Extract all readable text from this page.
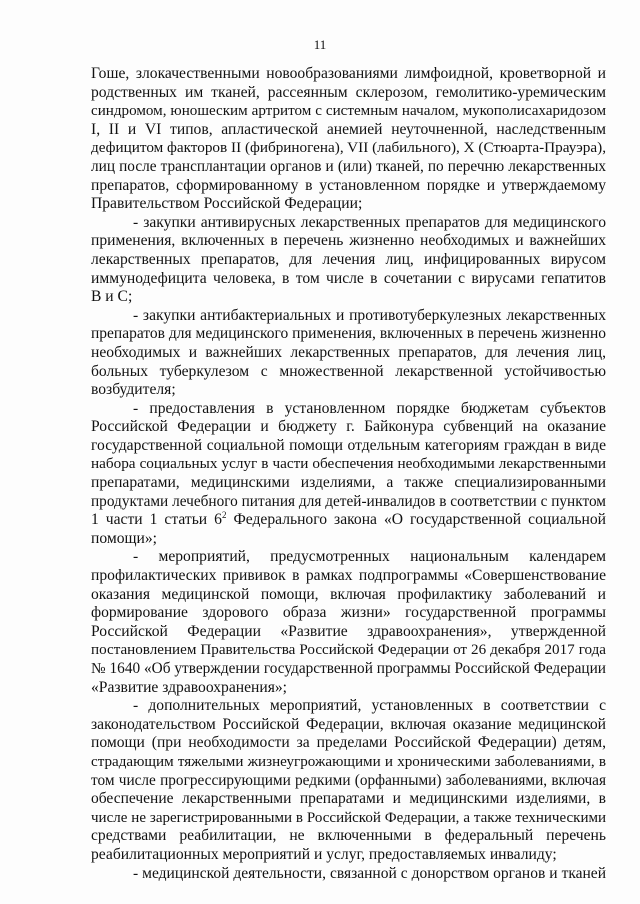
11
Гоше, злокачественными новообразованиями лимфоидной, кроветворной и
родственных им тканей, рассеянным склерозом, гемолитико-уремическим
синдромом, юношеским артритом с системным началом, мукополисахаридозом
I, II и VI типов, апластической анемией неуточненной, наследственным
дефицитом факторов II (фибриногена), VII (лабильного), X (Стюарта-Прауэра),
лиц после трансплантации органов и (или) тканей, по перечню лекарственных
препаратов, сформированному в установленном порядке и утверждаемому
Правительством Российской Федерации;
- закупки антивирусных лекарственных препаратов для медицинского
применения, включенных в перечень жизненно необходимых и важнейших
лекарственных препаратов, для лечения лиц, инфицированных вирусом
иммунодефицита человека, в том числе в сочетании с вирусами гепатитов
В и С;
- закупки антибактериальных и противотуберкулезных лекарственных
препаратов для медицинского применения, включенных в перечень жизненно
необходимых и важнейших лекарственных препаратов, для лечения лиц,
больных туберкулезом с множественной лекарственной устойчивостью
возбудителя;
- предоставления в установленном порядке бюджетам субъектов
Российской Федерации и бюджету г. Байконура субвенций на оказание
государственной социальной помощи отдельным категориям граждан в виде
набора социальных услуг в части обеспечения необходимыми лекарственными
препаратами, медицинскими изделиями, а также специализированными
продуктами лечебного питания для детей-инвалидов в соответствии с пунктом
1 части 1 статьи $6^2$ Федерального закона «О государственной социальной
помощи»;
- мероприятий, предусмотренных национальным календарем
профилактических прививок в рамках подпрограммы «Совершенствование
оказания медицинской помощи, включая профилактику заболеваний и
формирование здорового образа жизни» государственной программы
Российской Федерации «Развитие здравоохранения», утвержденной
постановлением Правительства Российской Федерации от 26 декабря 2017 года
№ 1640 «Об утверждении государственной программы Российской Федерации
«Развитие здравоохранения»;
- дополнительных мероприятий, установленных в соответствии с
законодательством Российской Федерации, включая оказание медицинской
помощи (при необходимости за пределами Российской Федерации) детям,
страдающим тяжелыми жизнеугрожающими и хроническими заболеваниями, в
том числе прогрессирующими редкими (орфанными) заболеваниями, включая
обеспечение лекарственными препаратами и медицинскими изделиями, в
числе не зарегистрированными в Российской Федерации, а также техническими
средствами реабилитации, не включенными в федеральный перечень
реабилитационных мероприятий и услуг, предоставляемых инвалиду;
- медицинской деятельности, связанной с донорством органов и тканей
